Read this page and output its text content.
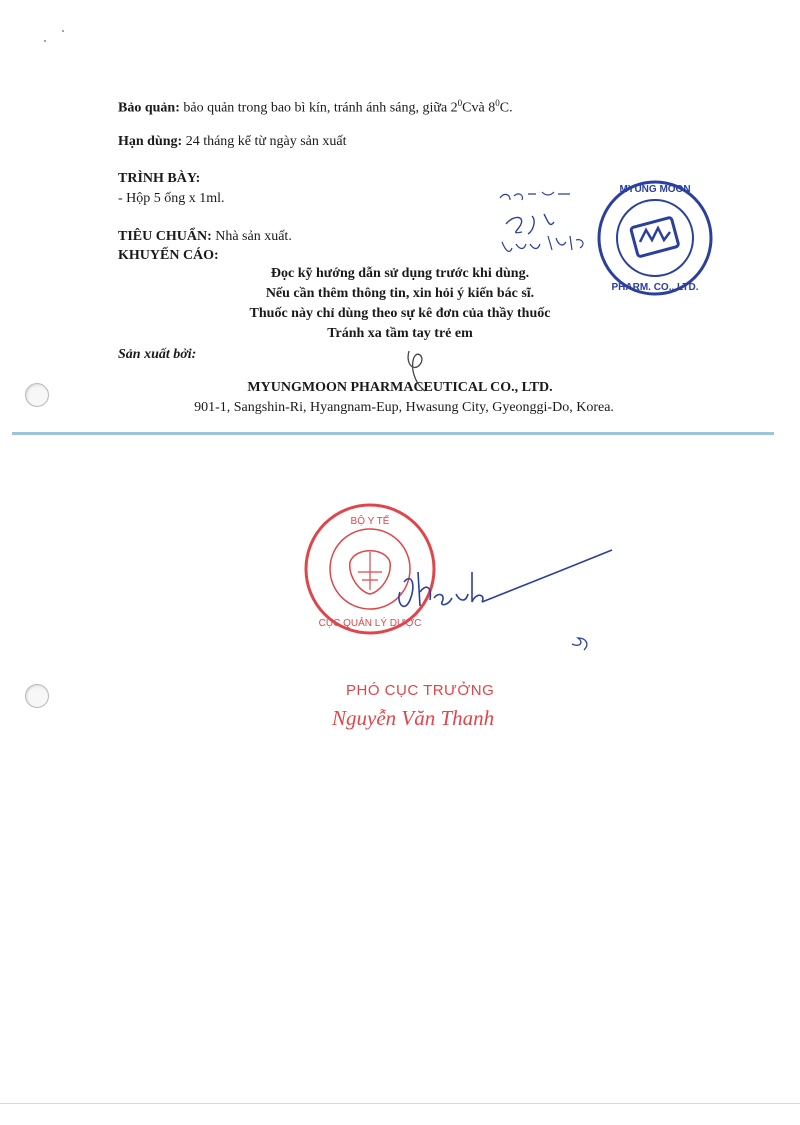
Bảo quản: bảo quản trong bao bì kín, tránh ánh sáng, giữa $2^0Cvà$ $8^0C$.
Hạn dùng: 24 tháng kể từ ngày sản xuất
TRÌNH BÀY:
- Hộp 5 ống x 1ml.
TIÊU CHUẨN: Nhà sản xuất.
KHUYẾN CÁO:
Đọc kỹ hướng dẫn sử dụng trước khi dùng.
Nếu cần thêm thông tin, xin hỏi ý kiến bác sĩ.
Thuốc này chỉ dùng theo sự kê đơn của thầy thuốc
Tránh xa tầm tay trẻ em
Sản xuất bởi:
MYUNGMOON PHARMACEUTICAL CO., LTD.
901-1, Sangshin-Ri, Hyangnam-Eup, Hwasung City, Gyeonggi-Do, Korea.
MYUNG MOON
PHARM. CO., LTD.
BỘ Y TẾ
CỤC QUẢN LÝ DƯỢC
PHÓ CỤC TRƯỞNG
Nguyễn Văn Thanh
